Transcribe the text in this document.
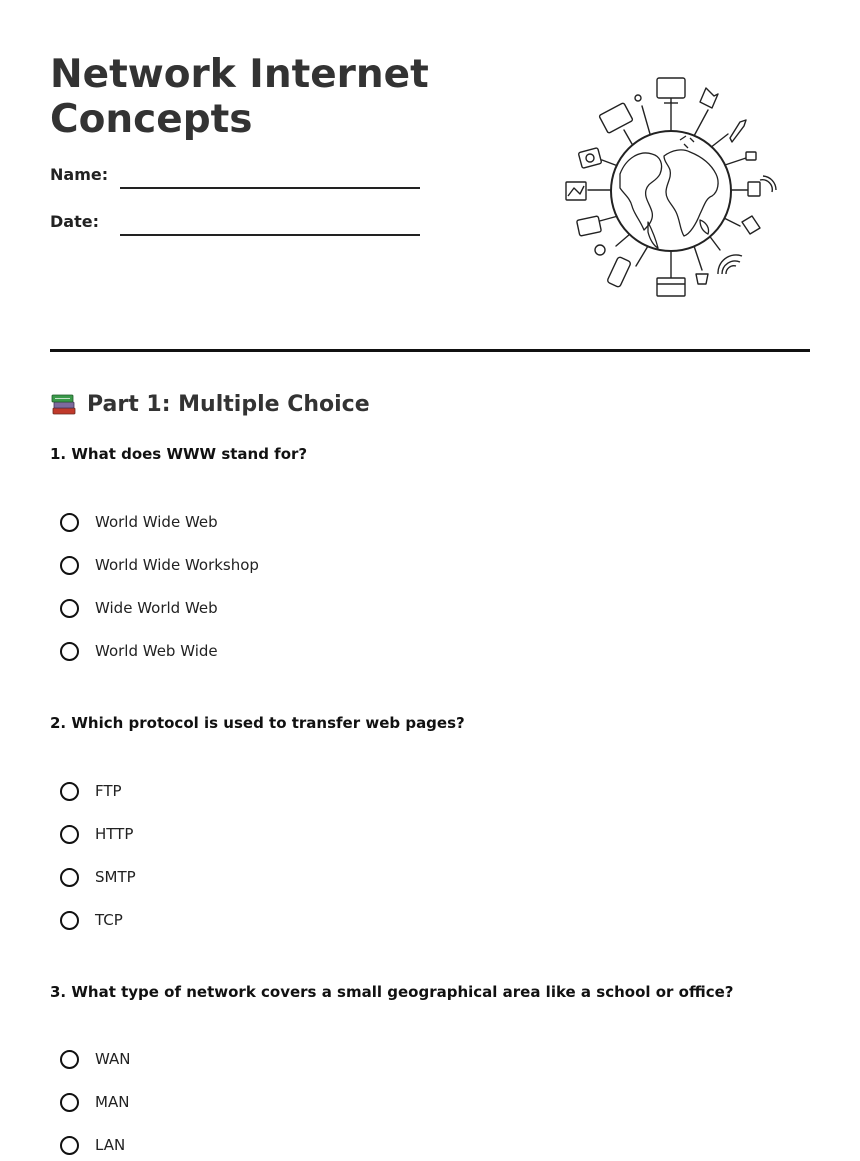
Network Internet Concepts
Name:
Date:
Part 1: Multiple Choice
1. What does WWW stand for?
World Wide Web
World Wide Workshop
Wide World Web
World Web Wide
2. Which protocol is used to transfer web pages?
FTP
HTTP
SMTP
TCP
3. What type of network covers a small geographical area like a school or office?
WAN
MAN
LAN
